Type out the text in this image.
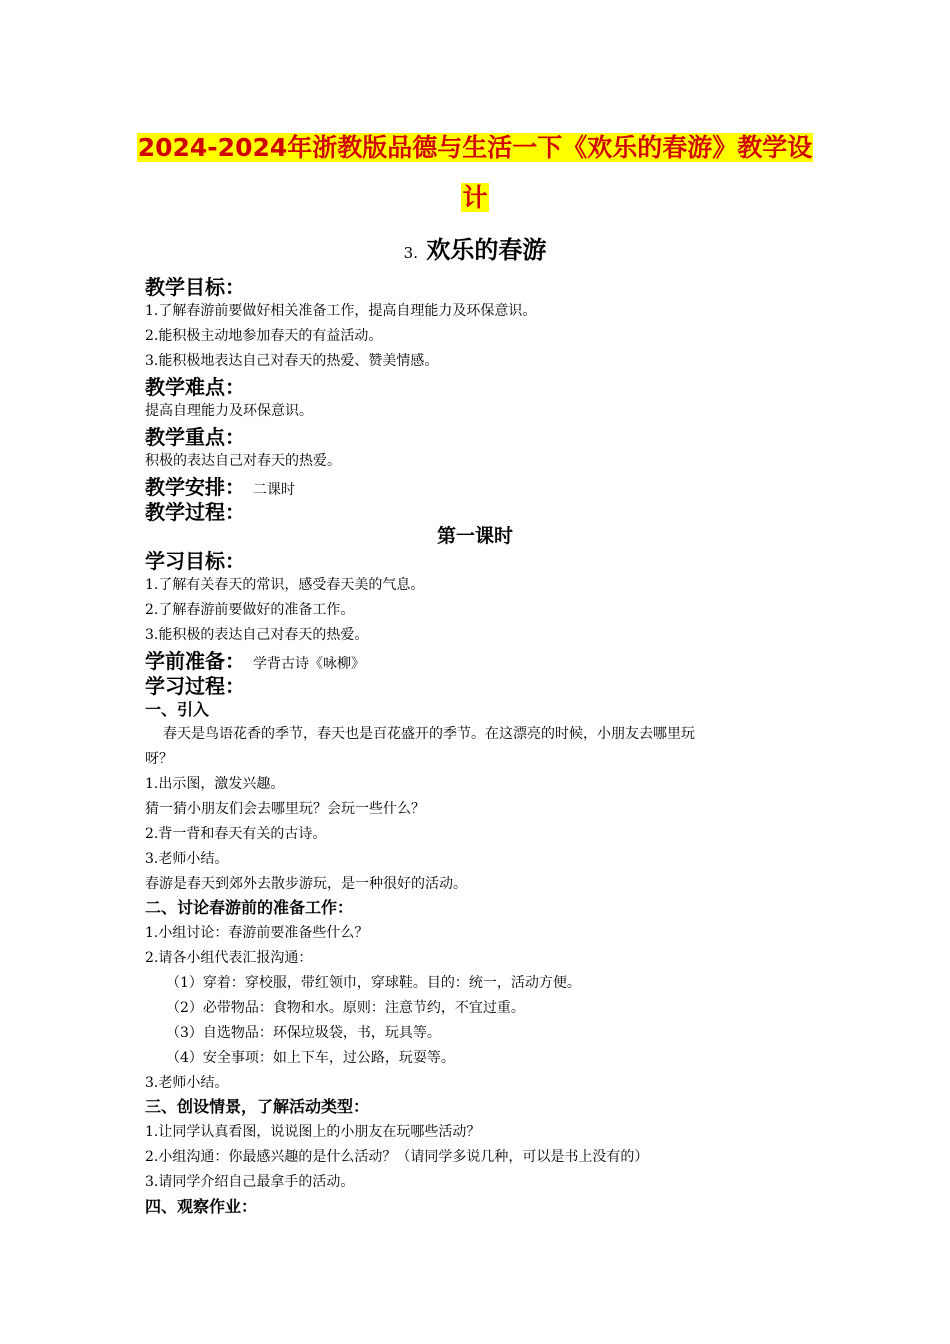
2024-2024年浙教版品德与生活一下《欢乐的春游》教学设
计
3. 欢乐的春游
教学目标：
1.了解春游前要做好相关准备工作，提高自理能力及环保意识。
2.能积极主动地参加春天的有益活动。
3.能积极地表达自己对春天的热爱、赞美情感。
教学难点：
提高自理能力及环保意识。
教学重点：
积极的表达自己对春天的热爱。
教学安排： 二课时
教学过程：
第一课时
学习目标：
1.了解有关春天的常识，感受春天美的气息。
2.了解春游前要做好的准备工作。
3.能积极的表达自己对春天的热爱。
学前准备： 学背古诗《咏柳》
学习过程：
一、引入
春天是鸟语花香的季节，春天也是百花盛开的季节。在这漂亮的时候，小朋友去哪里玩
呀？
1.出示图，激发兴趣。
猜一猜小朋友们会去哪里玩？会玩一些什么？
2.背一背和春天有关的古诗。
3.老师小结。
春游是春天到郊外去散步游玩，是一种很好的活动。
二、讨论春游前的准备工作：
1.小组讨论：春游前要准备些什么？
2.请各小组代表汇报沟通：
（1）穿着：穿校服，带红领巾，穿球鞋。目的：统一，活动方便。
（2）必带物品：食物和水。原则：注意节约，不宜过重。
（3）自选物品：环保垃圾袋，书，玩具等。
（4）安全事项：如上下车，过公路，玩耍等。
3.老师小结。
三、创设情景，了解活动类型：
1.让同学认真看图，说说图上的小朋友在玩哪些活动？
2.小组沟通：你最感兴趣的是什么活动？（请同学多说几种，可以是书上没有的）
3.请同学介绍自己最拿手的活动。
四、观察作业：
